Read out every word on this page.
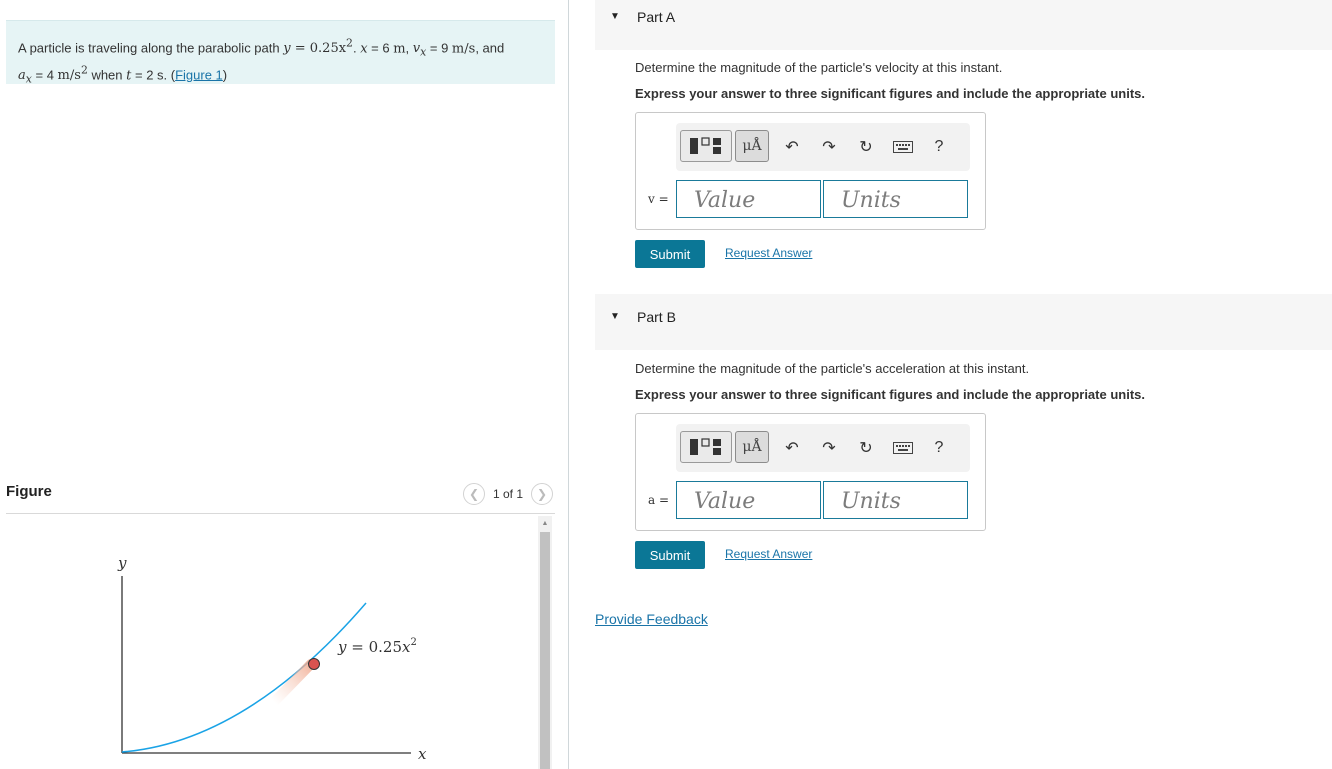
A particle is traveling along the parabolic path $y = 0.25x^2$. x = 6 m, $v_x = 9$ m/s, and
$a_x = 4$ $m/s^2$ when t = 2 s. (Figure 1)
Figure	❮	1 of 1	❯
y
x
$y = 0.25x^2$
▲
▼ Part A
Determine the magnitude of the particle's velocity at this instant.
Express your answer to three significant figures and include the appropriate units.
μÅ	↶	↷	↻	?
v =	Value	Units
Submit	Request Answer
▼ Part B
Determine the magnitude of the particle's acceleration at this instant.
Express your answer to three significant figures and include the appropriate units.
μÅ	↶	↷	↻	?
a =	Value	Units
Submit	Request Answer
Provide Feedback
